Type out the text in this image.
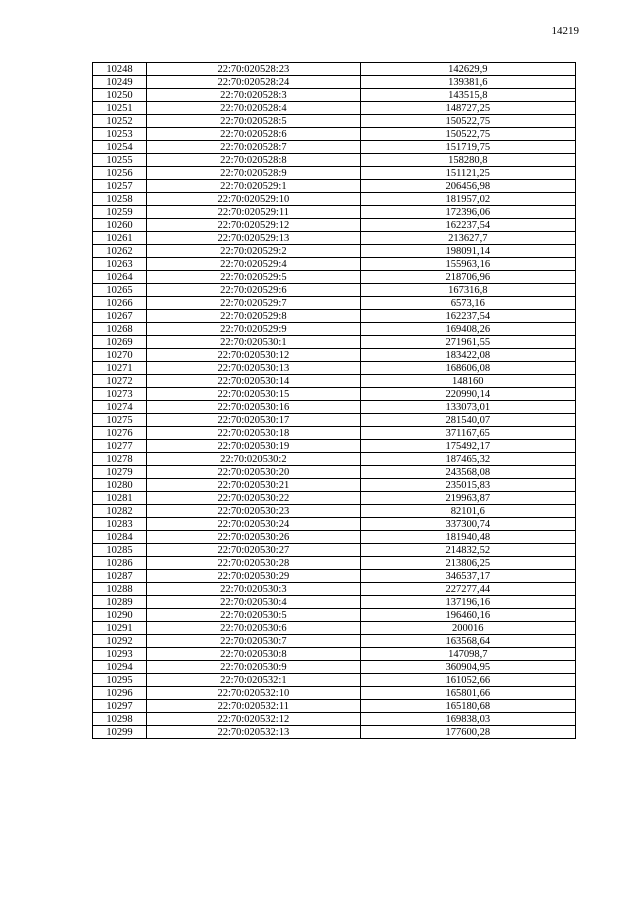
14219
10248	22:70:020528:23	142629,9
10249	22:70:020528:24	139381,6
10250	22:70:020528:3	143515,8
10251	22:70:020528:4	148727,25
10252	22:70:020528:5	150522,75
10253	22:70:020528:6	150522,75
10254	22:70:020528:7	151719,75
10255	22:70:020528:8	158280,8
10256	22:70:020528:9	151121,25
10257	22:70:020529:1	206456,98
10258	22:70:020529:10	181957,02
10259	22:70:020529:11	172396,06
10260	22:70:020529:12	162237,54
10261	22:70:020529:13	213627,7
10262	22:70:020529:2	198091,14
10263	22:70:020529:4	155963,16
10264	22:70:020529:5	218706,96
10265	22:70:020529:6	167316,8
10266	22:70:020529:7	6573,16
10267	22:70:020529:8	162237,54
10268	22:70:020529:9	169408,26
10269	22:70:020530:1	271961,55
10270	22:70:020530:12	183422,08
10271	22:70:020530:13	168606,08
10272	22:70:020530:14	148160
10273	22:70:020530:15	220990,14
10274	22:70:020530:16	133073,01
10275	22:70:020530:17	281540,07
10276	22:70:020530:18	371167,65
10277	22:70:020530:19	175492,17
10278	22:70:020530:2	187465,32
10279	22:70:020530:20	243568,08
10280	22:70:020530:21	235015,83
10281	22:70:020530:22	219963,87
10282	22:70:020530:23	82101,6
10283	22:70:020530:24	337300,74
10284	22:70:020530:26	181940,48
10285	22:70:020530:27	214832,52
10286	22:70:020530:28	213806,25
10287	22:70:020530:29	346537,17
10288	22:70:020530:3	227277,44
10289	22:70:020530:4	137196,16
10290	22:70:020530:5	196460,16
10291	22:70:020530:6	200016
10292	22:70:020530:7	163568,64
10293	22:70:020530:8	147098,7
10294	22:70:020530:9	360904,95
10295	22:70:020532:1	161052,66
10296	22:70:020532:10	165801,66
10297	22:70:020532:11	165180,68
10298	22:70:020532:12	169838,03
10299	22:70:020532:13	177600,28
